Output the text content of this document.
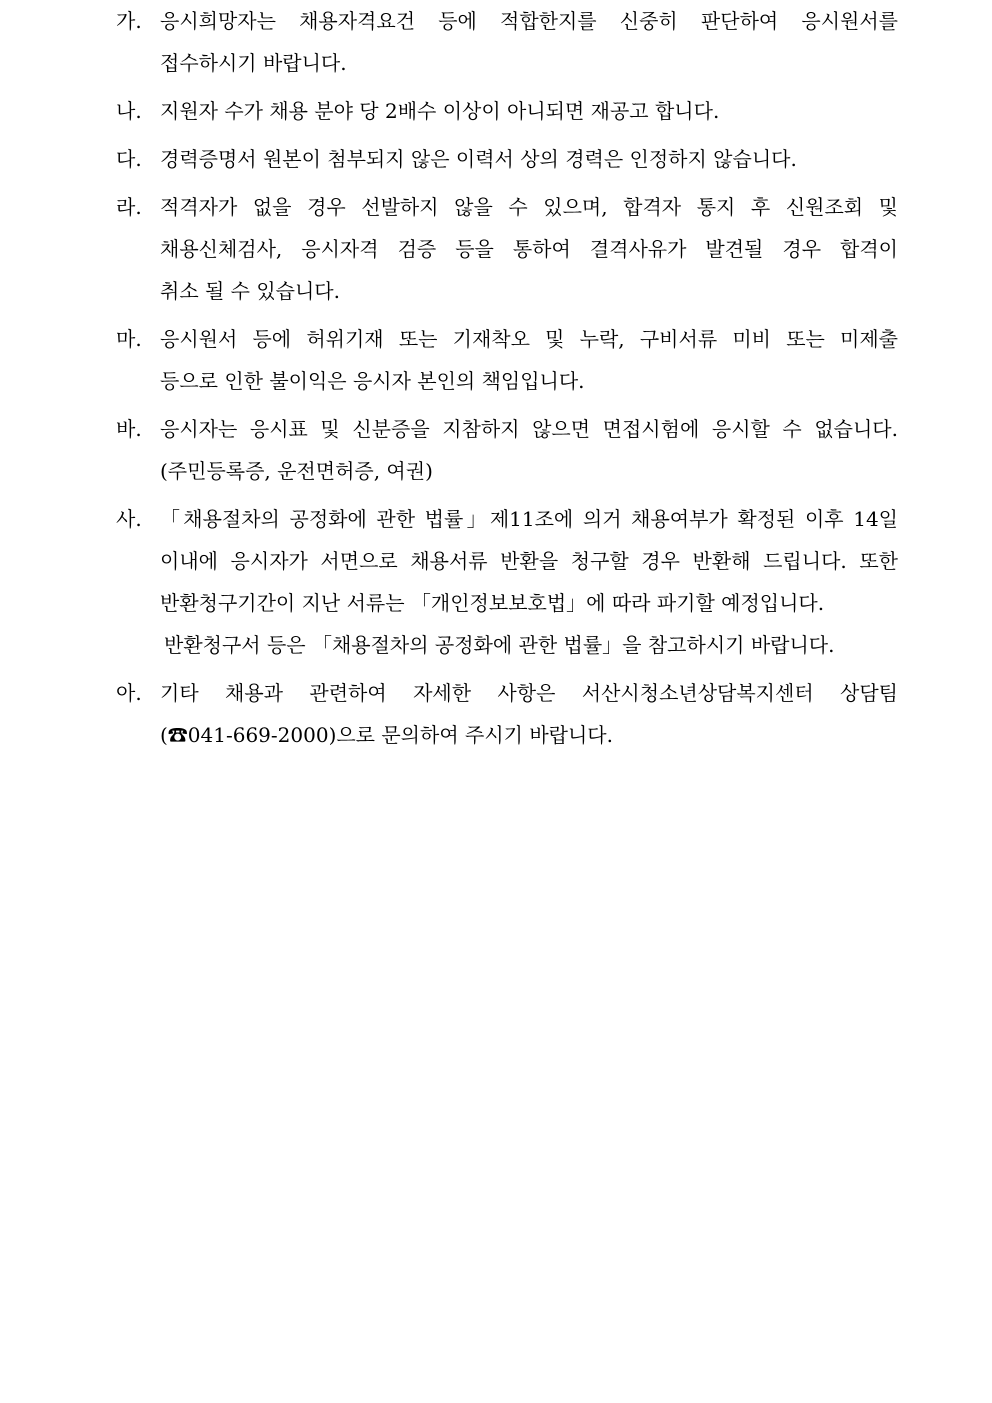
가. 응시희망자는 채용자격요건 등에 적합한지를 신중히 판단하여 응시원서를
접수하시기 바랍니다.
나. 지원자 수가 채용 분야 당 2배수 이상이 아니되면 재공고 합니다.
다. 경력증명서 원본이 첨부되지 않은 이력서 상의 경력은 인정하지 않습니다.
라. 적격자가 없을 경우 선발하지 않을 수 있으며, 합격자 통지 후 신원조회 및
채용신체검사, 응시자격 검증 등을 통하여 결격사유가 발견될 경우 합격이
취소 될 수 있습니다.
마. 응시원서 등에 허위기재 또는 기재착오 및 누락, 구비서류 미비 또는 미제출
등으로 인한 불이익은 응시자 본인의 책임입니다.
바. 응시자는 응시표 및 신분증을 지참하지 않으면 면접시험에 응시할 수 없습니다.
(주민등록증, 운전면허증, 여권)
사. 「채용절차의 공정화에 관한 법률」제11조에 의거 채용여부가 확정된 이후 14일
이내에 응시자가 서면으로 채용서류 반환을 청구할 경우 반환해 드립니다. 또한
반환청구기간이 지난 서류는 「개인정보보호법」에 따라 파기할 예정입니다.
반환청구서 등은 「채용절차의 공정화에 관한 법률」을 참고하시기 바랍니다.
아. 기타 채용과 관련하여 자세한 사항은 서산시청소년상담복지센터 상담팀
(☎041-669-2000)으로 문의하여 주시기 바랍니다.
